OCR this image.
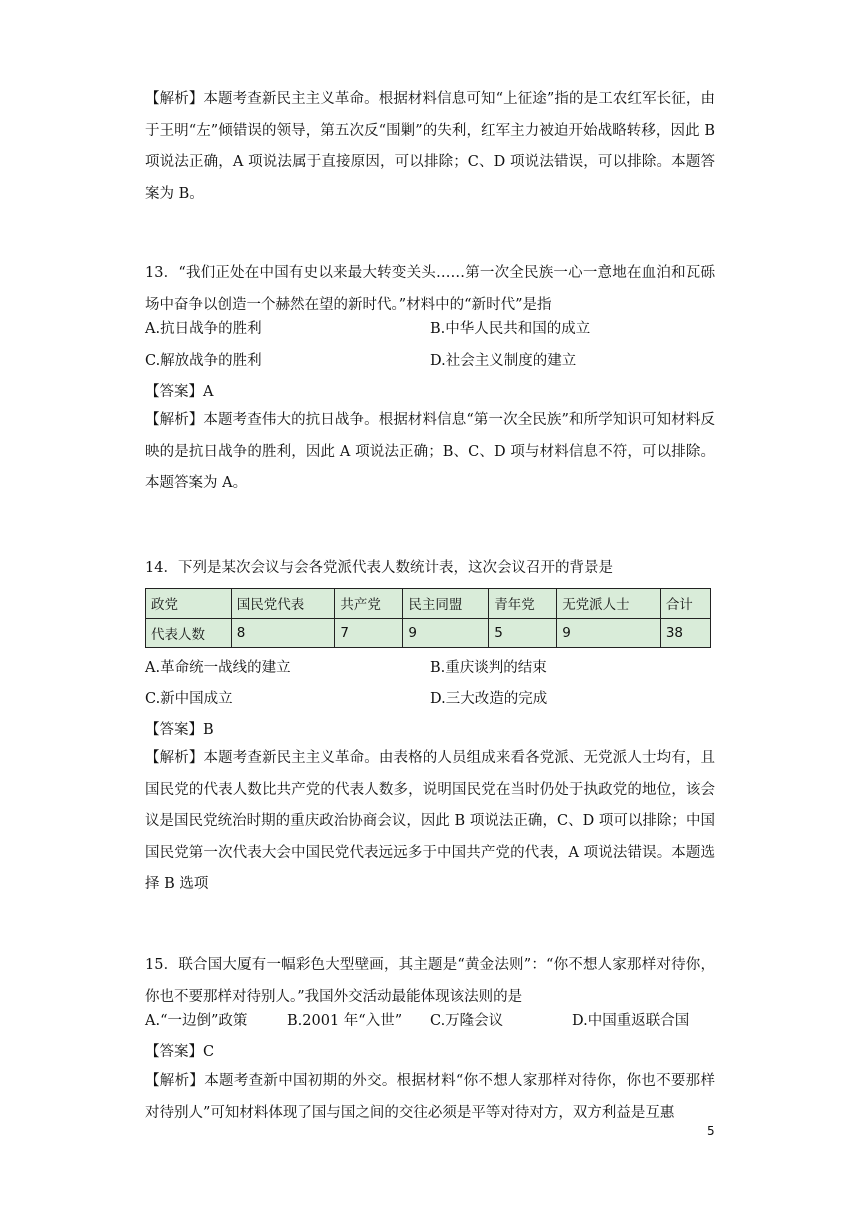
【解析】本题考查新民主主义革命。根据材料信息可知“上征途”指的是工农红军长征，由于王明“左”倾错误的领导，第五次反“围剿”的失利，红军主力被迫开始战略转移，因此 B 项说法正确，A 项说法属于直接原因，可以排除；C、D 项说法错误，可以排除。本题答案为 B。

13．“我们正处在中国有史以来最大转变关头……第一次全民族一心一意地在血泊和瓦砾场中奋争以创造一个赫然在望的新时代。”材料中的“新时代”是指

A.抗日战争的胜利	B.中华人民共和国的成立
C.解放战争的胜利	D.社会主义制度的建立
【答案】A

【解析】本题考查伟大的抗日战争。根据材料信息“第一次全民族”和所学知识可知材料反映的是抗日战争的胜利，因此 A 项说法正确；B、C、D 项与材料信息不符，可以排除。本题答案为 A。

14．下列是某次会议与会各党派代表人数统计表，这次会议召开的背景是
政党	国民党代表	共产党	民主同盟	青年党	无党派人士	合计
代表人数	8	7	9	5	9	38
A.革命统一战线的建立	B.重庆谈判的结束
C.新中国成立	D.三大改造的完成
【答案】B

【解析】本题考查新民主主义革命。由表格的人员组成来看各党派、无党派人士均有，且国民党的代表人数比共产党的代表人数多，说明国民党在当时仍处于执政党的地位，该会议是国民党统治时期的重庆政治协商会议，因此 B 项说法正确，C、D 项可以排除；中国国民党第一次代表大会中国民党代表远远多于中国共产党的代表，A 项说法错误。本题选择 B 选项

15．联合国大厦有一幅彩色大型壁画，其主题是“黄金法则”：“你不想人家那样对待你，你也不要那样对待别人。”我国外交活动最能体现该法则的是

A.“一边倒”政策	B.2001 年“入世” C.万隆会议	D.中国重返联合国
【答案】C

【解析】本题考查新中国初期的外交。根据材料“你不想人家那样对待你，你也不要那样对待别人”可知材料体现了国与国之间的交往必须是平等对待对方，双方利益是互惠

5
